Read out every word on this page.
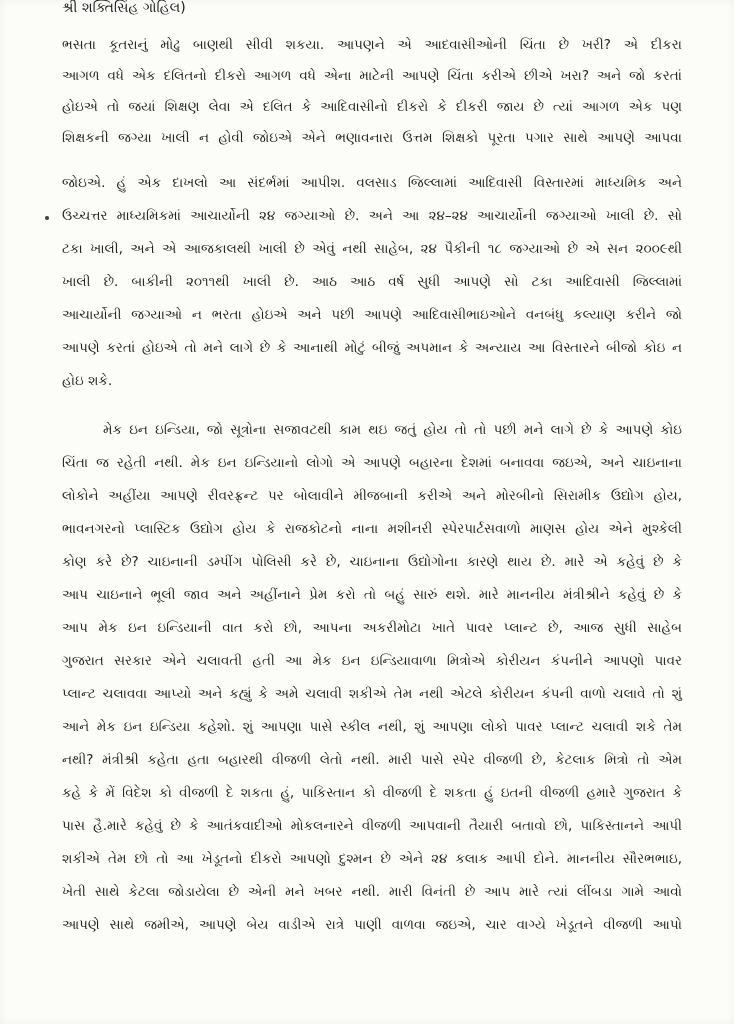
શ્રી શક્તિસિંહ ગોહિલ)
ભસતા કૂતરાનું મોઢુ બાણથી સીવી શકયા. આપણને એ આદવાસીઓની ચિંતા છે ખરી? એ દીકરા
આગળ વધે એક દલિતનો દીકરો આગળ વધે એના માટેની આપણે ચિંતા કરીએ છીએ ખરા? અને જો કરતાં
હોઇએ તો જયાં શિક્ષણ લેવા એ દલિત કે આદિવાસીનો દીકરો કે દીકરી જાય છે ત્યાં આગળ એક પણ
શિક્ષકની જગ્યા ખાલી ન હોવી જોઇએ એને ભણાવનારા ઉત્તમ શિક્ષકો પૂરતા પગાર સાથે આપણે આપવા
જોઇએ. હું એક દાખલો આ સંદર્ભમાં આપીશ. વલસાડ જિલ્લામાં આદિવાસી વિસ્તારમાં માધ્યમિક અને
ઉચ્ચત્તર માધ્યમિકમાં આચાર્યોની ૨૪ જગ્યાઓ છે. અને આ ૨૪–૨૪ આચાર્યોની જગ્યાઓ ખાલી છે. સો
ટકા ખાલી, અને એ આજકાલથી ખાલી છે એવું નથી સાહેબ, ૨૪ પૈકીની ૧૮ જગ્યાઓ છે એ સન ૨૦૦૯થી
ખાલી છે. બાકીની ૨૦૧૧થી ખાલી છે. આઠ આઠ વર્ષ સુધી આપણે સો ટકા આદિવાસી જિલ્લામાં
આચાર્યોની જગ્યાઓ ન ભરતા હોઇએ અને પછી આપણે આદિવાસીભાઇઓને વનબંધુ કલ્યાણ કરીને જો
આપણે કરતાં હોઇએ તો મને લાગે છે કે આનાથી મોટું બીજું અપમાન કે અન્યાય આ વિસ્તારને બીજો કોઇ ન
હોઇ શકે.
મેક ઇન ઇન્ડિયા, જો સૂત્રોના સજાવટથી કામ થઇ જતું હોય તો તો પછી મને લાગે છે કે આપણે કોઇ
ચિંતા જ રહેતી નથી. મેક ઇન ઇન્ડિયાનો લોગો એ આપણે બહારના દેશમાં બનાવવા જઇએ, અને ચાઇનાના
લોકોને અહીંયા આપણે રીવરફ્રન્ટ પર બોલાવીને મીજબાની કરીએ અને મોરબીનો સિરામીક ઉદ્યોગ હોય,
ભાવનગરનો પ્લાસ્ટિક ઉદ્યોગ હોય કે રાજકોટનો નાના મશીનરી સ્પેરપાર્ટસવાળો માણસ હોય એને મુશ્કેલી
કોણ કરે છે? ચાઇનાની ડમ્પીંગ પોલિસી કરે છે, ચાઇનાના ઉદ્યોગોના કારણે થાય છે. મારે એ કહેવું છે કે
આપ ચાઇનાને ભૂલી જાવ અને અહીંનાને પ્રેમ કરો તો બહું સારું થશે. મારે માનનીય મંત્રીશ્રીને કહેવું છે કે
આપ મેક ઇન ઇન્ડિયાની વાત કરો છો, આપના અકરીમોટા ખાતે પાવર પ્લાન્ટ છે, આજ સુધી સાહેબ
ગુજરાત સરકાર એને ચલાવતી હતી આ મેક ઇન ઇન્ડિયાવાળા મિત્રોએ કોરીયન કંપનીને આપણો પાવર
પ્લાન્ટ ચલાવવા આપ્યો અને કહ્યું કે અમે ચલાવી શકીએ તેમ નથી એટલે કોરીયન કંપની વાળો ચલાવે તો શું
આને મેક ઇન ઇન્ડિયા કહેશો. શું આપણા પાસે સ્કીલ નથી, શું આપણા લોકો પાવર પ્લાન્ટ ચલાવી શકે તેમ
નથી? મંત્રીશ્રી કહેતા હતા બહારથી વીજળી લેતો નથી. મારી પાસે સ્પેર વીજળી છે, કેટલાક મિત્રો તો એમ
કહે કે મેં વિદેશ કો વીજળી દે શકતા હું, પાકિસ્તાન કો વીજળી દે શકતા હું ઇતની વીજળી હમારે ગુજરાત કે
પાસ હૈ.મારે કહેવું છે કે આતંકવાદીઓ મોકલનારને વીજળી આપવાની તૈયારી બતાવો છો, પાકિસ્તાનને આપી
શકીએ તેમ છો તો આ ખેડૂતનો દીકરો આપણો દુશ્મન છે એને ૨૪ કલાક આપી દોને. માનનીય સૌરભભાઇ,
ખેતી સાથે કેટલા જોડાયેલા છે એની મને ખબર નથી. મારી વિનંતી છે આપ મારે ત્યાં લીંબડા ગામે આવો
આપણે સાથે જમીએ, આપણે બેય વાડીએ રાત્રે પાણી વાળવા જઇએ, ચાર વાગ્યે ખેડૂતને વીજળી આપો
